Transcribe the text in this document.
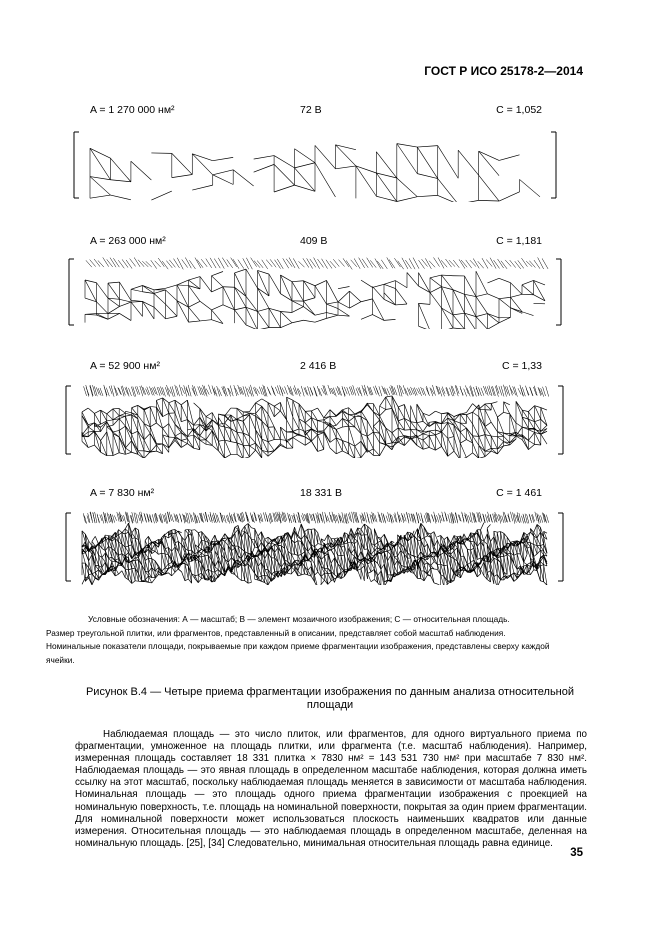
ГОСТ Р ИСО 25178-2—2014
A = 1 270 000 нм²	72 В	C = 1,052
A = 263 000 нм²	409 В	C = 1,181
A = 52 900 нм²	2 416 В	C = 1,33
A = 7 830 нм²	18 331 В	C = 1 461

Условные обозначения: А — масштаб; В — элемент мозаичного изображения; С — относительная площадь.

Размер треугольной плитки, или фрагментов, представленный в описании, представляет собой масштаб наблюдения.

Номинальные показатели площади, покрываемые при каждом приеме фрагментации изображения, представлены сверху каждой ячейки.

Рисунок В.4 — Четыре приема фрагментации изображения по данным анализа относительной
площади

Наблюдаемая площадь — это число плиток, или фрагментов, для одного виртуального приема по фрагментации, умноженное на площадь плитки, или фрагмента (т.е. масштаб наблюдения). Например, измеренная площадь составляет 18 331 плитка × 7830 нм² = 143 531 730 нм² при масштабе 7 830 нм². Наблюдаемая площадь — это явная площадь в определенном масштабе наблюдения, которая должна иметь ссылку на этот масштаб, поскольку наблюдаемая площадь меняется в зависимости от масштаба наблюдения. Номинальная площадь — это площадь одного приема фрагментации изображения с проекцией на номинальную поверхность, т.е. площадь на номинальной поверхности, покрытая за один прием фрагментации. Для номинальной поверхности может использоваться плоскость наименьших квадратов или данные измерения. Относительная площадь — это наблюдаемая площадь в определенном масштабе, деленная на номинальную площадь. [25], [34] Следовательно, минимальная относительная площадь равна единице.

35
